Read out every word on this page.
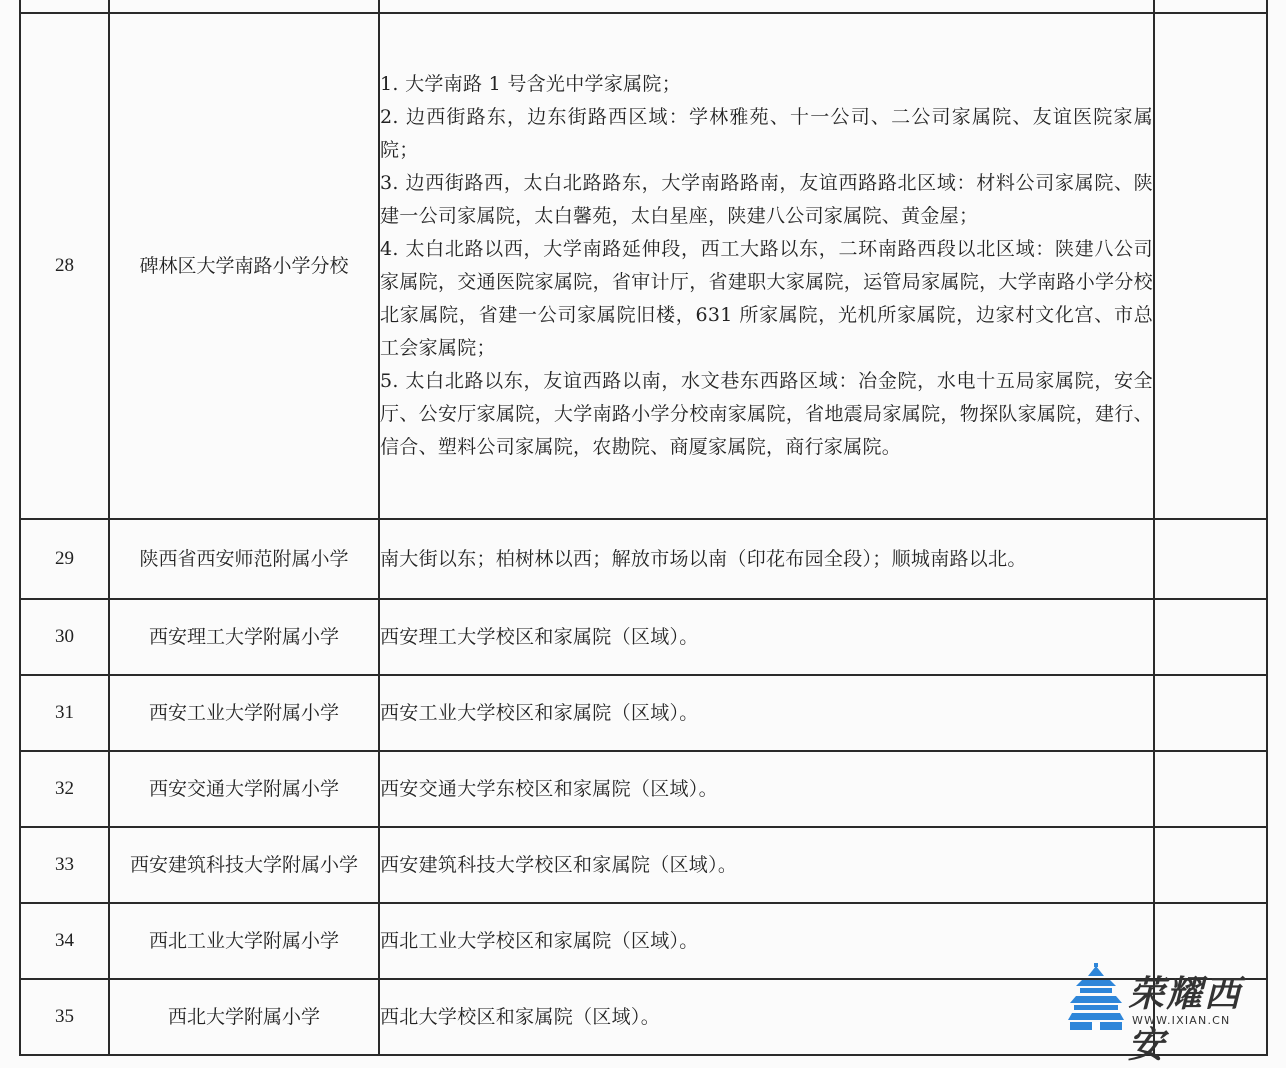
28	碑林区大学南路小学分校	1. 大学南路 1 号含光中学家属院；
2. 边西街路东，边东街路西区域：学林雅苑、十一公司、二公司家属院、友谊医院家属院；
3. 边西街路西，太白北路路东，大学南路路南，友谊西路路北区域：材料公司家属院、陕建一公司家属院，太白馨苑，太白星座，陕建八公司家属院、黄金屋；
4. 太白北路以西，大学南路延伸段，西工大路以东，二环南路西段以北区域：陕建八公司家属院，交通医院家属院，省审计厅，省建职大家属院，运管局家属院，大学南路小学分校北家属院，省建一公司家属院旧楼，631 所家属院，光机所家属院，边家村文化宫、市总工会家属院；
5. 太白北路以东，友谊西路以南，水文巷东西路区域：冶金院，水电十五局家属院，安全厅、公安厅家属院，大学南路小学分校南家属院，省地震局家属院，物探队家属院，建行、信合、塑料公司家属院，农勘院、商厦家属院，商行家属院。	

29	陕西省西安师范附属小学	南大街以东；柏树林以西；解放市场以南（印花布园全段）；顺城南路以北。	
30	西安理工大学附属小学	西安理工大学校区和家属院（区域）。	
31	西安工业大学附属小学	西安工业大学校区和家属院（区域）。	
32	西安交通大学附属小学	西安交通大学东校区和家属院（区域）。	
33	西安建筑科技大学附属小学	西安建筑科技大学校区和家属院（区域）。	
34	西北工业大学附属小学	西北工业大学校区和家属院（区域）。	
35	西北大学附属小学	西北大学校区和家属院（区域）。	
荣耀西安
WWW.IXIAN.CN
